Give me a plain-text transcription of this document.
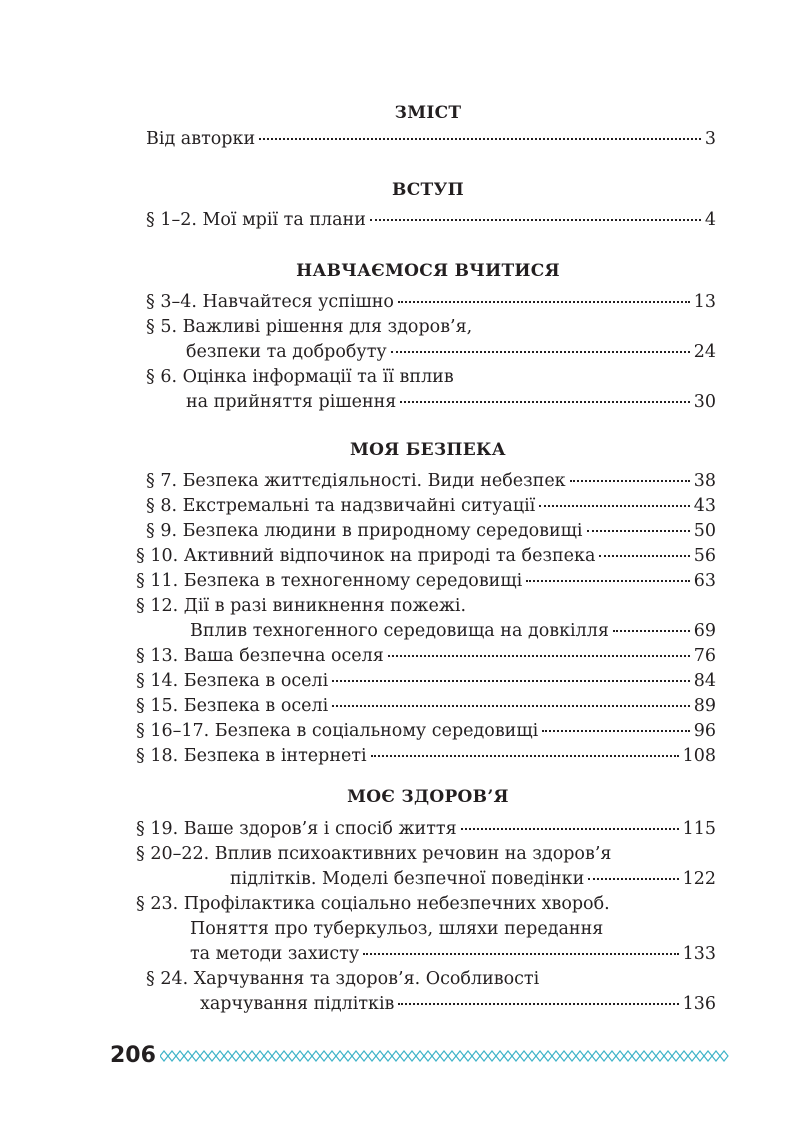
ЗМІСТ
Від авторки	3
ВСТУП
§ 1–2. Мої мрії та плани	4
НАВЧАЄМОСЯ ВЧИТИСЯ
§ 3–4. Навчайтеся успішно	13
§ 5. Важливі рішення для здоров’я,
безпеки та добробуту	24
§ 6. Оцінка інформації та її вплив
на прийняття рішення	30
МОЯ БЕЗПЕКА
§ 7. Безпека життєдіяльності. Види небезпек	38
§ 8. Екстремальні та надзвичайні ситуації	43
§ 9. Безпека людини в природному середовищі	50
§ 10. Активний відпочинок на природі та безпека	56
§ 11. Безпека в техногенному середовищі	63
§ 12. Дії в разі виникнення пожежі.
Вплив техногенного середовища на довкілля	69
§ 13. Ваша безпечна оселя	76
§ 14. Безпека в оселі	84
§ 15. Безпека в оселі	89
§ 16–17. Безпека в соціальному середовищі	96
§ 18. Безпека в інтернеті	108
МОЄ ЗДОРОВ’Я
§ 19. Ваше здоров’я і спосіб життя	115
§ 20–22. Вплив психоактивних речовин на здоров’я
підлітків. Моделі безпечної поведінки	122
§ 23. Профілактика соціально небезпечних хвороб.
Поняття про туберкульоз, шляхи передання
та методи захисту	133
§ 24. Харчування та здоров’я. Особливості
харчування підлітків	136
206
